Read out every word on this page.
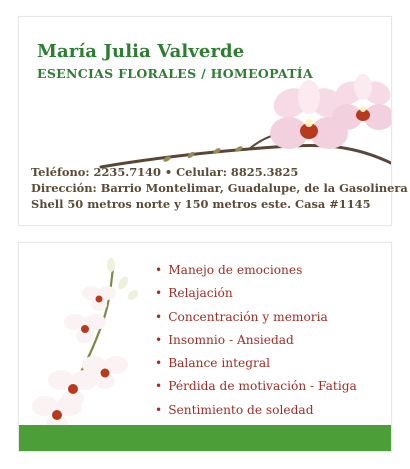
María Julia Valverde
ESENCIAS FLORALES / HOMEOPATÍA
Teléfono: 2235.7140 • Celular: 8825.3825
Dirección: Barrio Montelimar, Guadalupe, de la Gasolinera
Shell 50 metros norte y 150 metros este. Casa #1145
• Manejo de emociones
• Relajación
• Concentración y memoria
• Insomnio - Ansiedad
• Balance integral
• Pérdida de motivación - Fatiga
• Sentimiento de soledad
